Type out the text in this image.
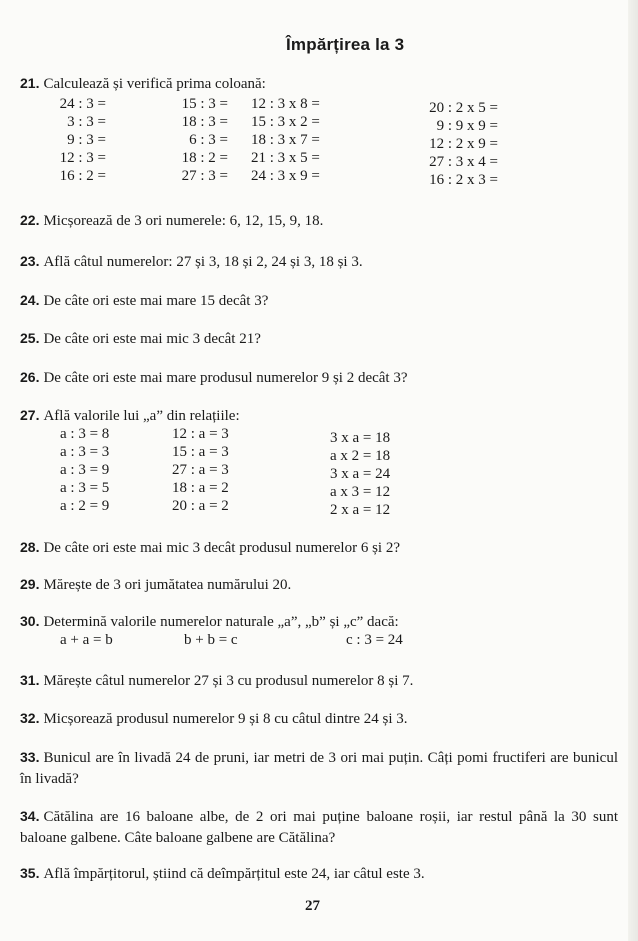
Împărțirea la 3
21. Calculează și verifică prima coloană:
24 : 3 =
3 : 3 =
9 : 3 =
12 : 3 =
16 : 2 =
15 : 3 =
18 : 3 =
6 : 3 =
18 : 2 =
27 : 3 =
12 : 3 x 8 =
15 : 3 x 2 =
18 : 3 x 7 =
21 : 3 x 5 =
24 : 3 x 9 =
20 : 2 x 5 =
9 : 9 x 9 =
12 : 2 x 9 =
27 : 3 x 4 =
16 : 2 x 3 =
22. Micșorează de 3 ori numerele: 6, 12, 15, 9, 18.
23. Află câtul numerelor: 27 și 3, 18 și 2, 24 și 3, 18 și 3.
24. De câte ori este mai mare 15 decât 3?
25. De câte ori este mai mic 3 decât 21?
26. De câte ori este mai mare produsul numerelor 9 și 2 decât 3?
27. Află valorile lui „a” din relațiile:
a : 3 = 8
a : 3 = 3
a : 3 = 9
a : 3 = 5
a : 2 = 9
12 : a = 3
15 : a = 3
27 : a = 3
18 : a = 2
20 : a = 2
3 x a = 18
a x 2 = 18
3 x a = 24
a x 3 = 12
2 x a = 12
28. De câte ori este mai mic 3 decât produsul numerelor 6 și 2?
29. Mărește de 3 ori jumătatea numărului 20.
30. Determină valorile numerelor naturale „a”, „b” și „c” dacă:
a + a = b	b + b = c	c : 3 = 24
31. Mărește câtul numerelor 27 și 3 cu produsul numerelor 8 și 7.
32. Micșorează produsul numerelor 9 și 8 cu câtul dintre 24 și 3.
33. Bunicul are în livadă 24 de pruni, iar metri de 3 ori mai puțin. Câți pomi fructiferi are bunicul în livadă?
34. Cătălina are 16 baloane albe, de 2 ori mai puține baloane roșii, iar restul până la 30 sunt baloane galbene. Câte baloane galbene are Cătălina?
35. Află împărțitorul, știind că deîmpărțitul este 24, iar câtul este 3.
27
